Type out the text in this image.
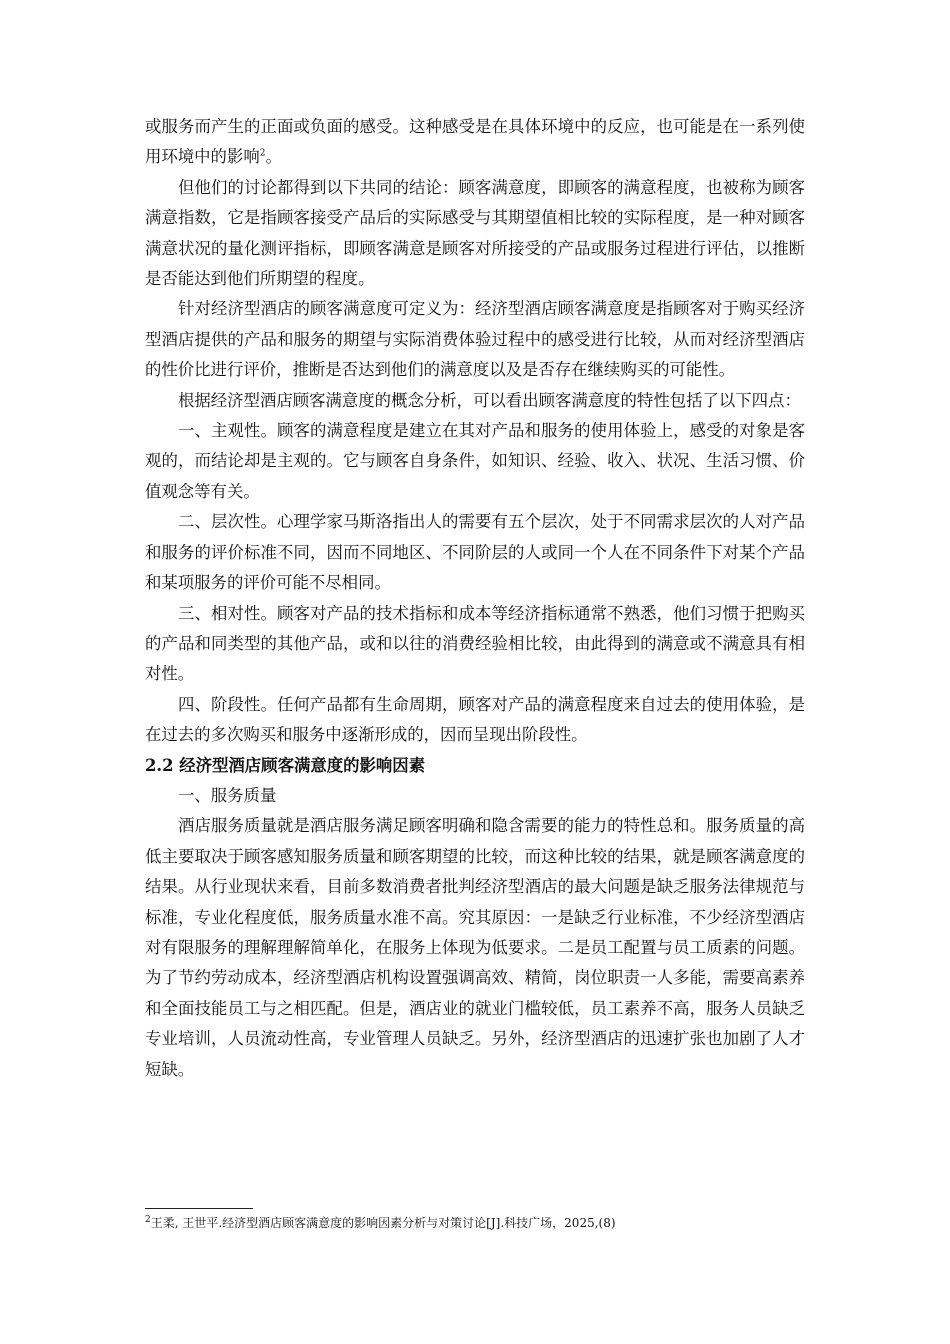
或服务而产生的正面或负面的感受。这种感受是在具体环境中的反应，也可能是在一系列使用环境中的影响$^2$。

但他们的讨论都得到以下共同的结论：顾客满意度，即顾客的满意程度，也被称为顾客满意指数，它是指顾客接受产品后的实际感受与其期望值相比较的实际程度，是一种对顾客满意状况的量化测评指标，即顾客满意是顾客对所接受的产品或服务过程进行评估，以推断是否能达到他们所期望的程度。

针对经济型酒店的顾客满意度可定义为：经济型酒店顾客满意度是指顾客对于购买经济型酒店提供的产品和服务的期望与实际消费体验过程中的感受进行比较，从而对经济型酒店的性价比进行评价，推断是否达到他们的满意度以及是否存在继续购买的可能性。

根据经济型酒店顾客满意度的概念分析，可以看出顾客满意度的特性包括了以下四点：

一、主观性。顾客的满意程度是建立在其对产品和服务的使用体验上，感受的对象是客观的，而结论却是主观的。它与顾客自身条件，如知识、经验、收入、状况、生活习惯、价值观念等有关。

二、层次性。心理学家马斯洛指出人的需要有五个层次，处于不同需求层次的人对产品和服务的评价标准不同，因而不同地区、不同阶层的人或同一个人在不同条件下对某个产品和某项服务的评价可能不尽相同。

三、相对性。顾客对产品的技术指标和成本等经济指标通常不熟悉，他们习惯于把购买的产品和同类型的其他产品，或和以往的消费经验相比较，由此得到的满意或不满意具有相对性。

四、阶段性。任何产品都有生命周期，顾客对产品的满意程度来自过去的使用体验，是在过去的多次购买和服务中逐渐形成的，因而呈现出阶段性。

2.2 经济型酒店顾客满意度的影响因素

一、服务质量

酒店服务质量就是酒店服务满足顾客明确和隐含需要的能力的特性总和。服务质量的高低主要取决于顾客感知服务质量和顾客期望的比较，而这种比较的结果，就是顾客满意度的结果。从行业现状来看，目前多数消费者批判经济型酒店的最大问题是缺乏服务法律规范与标准，专业化程度低，服务质量水准不高。究其原因：一是缺乏行业标准，不少经济型酒店对有限服务的理解理解简单化，在服务上体现为低要求。二是员工配置与员工质素的问题。为了节约劳动成本，经济型酒店机构设置强调高效、精简，岗位职责一人多能，需要高素养和全面技能员工与之相匹配。但是，酒店业的就业门槛较低，员工素养不高，服务人员缺乏专业培训，人员流动性高，专业管理人员缺乏。另外，经济型酒店的迅速扩张也加剧了人才短缺。

$^2$王柔, 王世平.经济型酒店顾客满意度的影响因素分析与对策讨论[J].科技广场，2025,(8)
